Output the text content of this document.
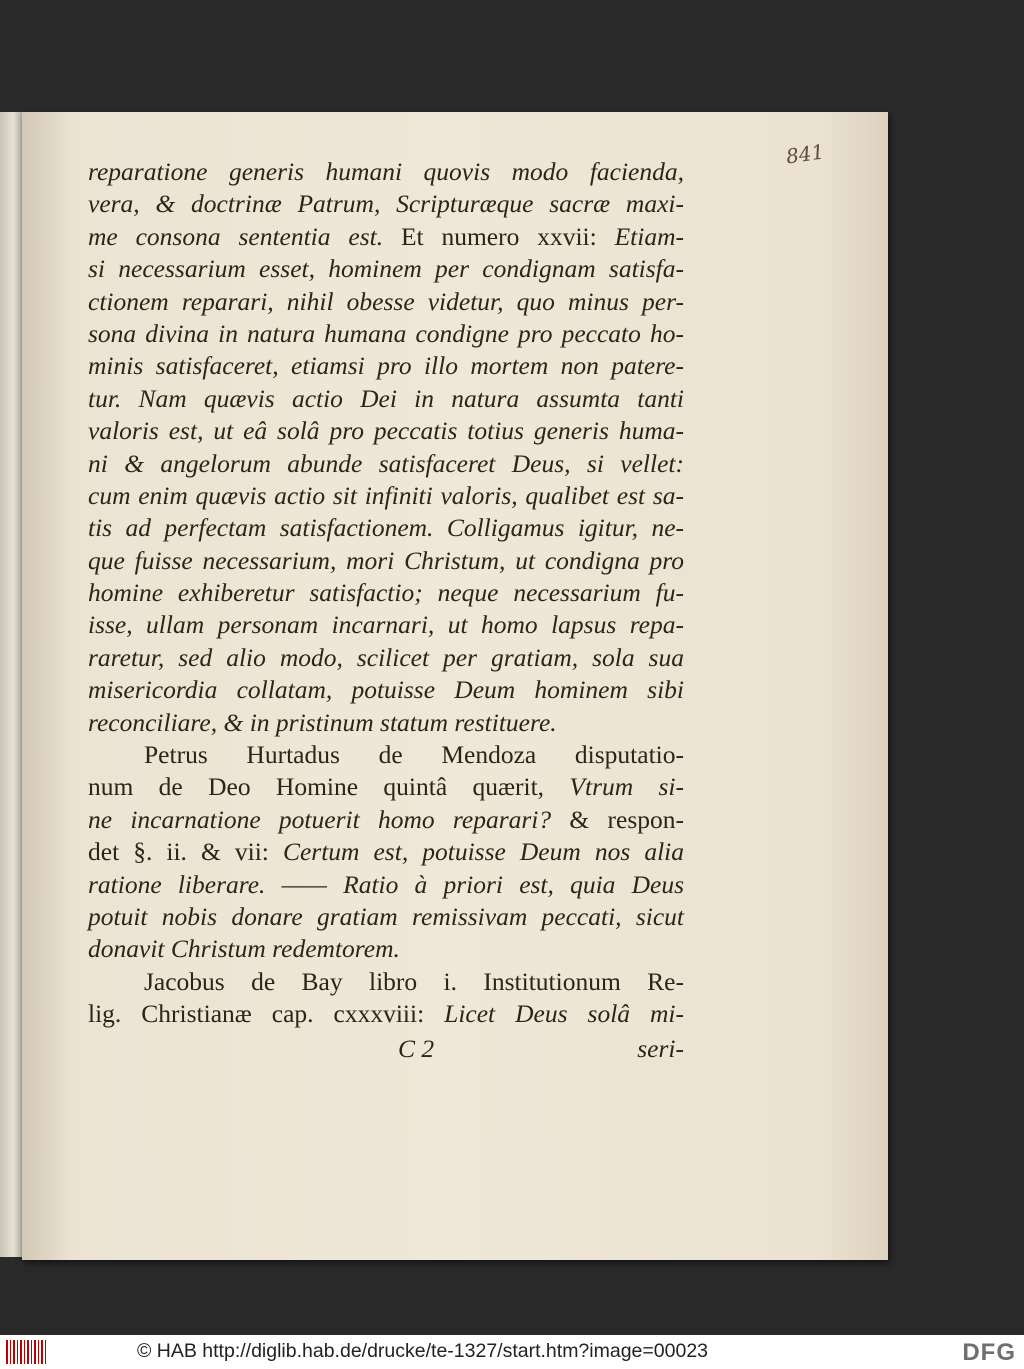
841
reparatione generis humani quovis modo facienda,
vera, & doctrinæ Patrum, Scripturæque sacræ maxi-
me consona sententia est. Et numero xxvii: Etiam-
si necessarium esset, hominem per condignam satisfa-
ctionem reparari, nihil obesse videtur, quo minus per-
sona divina in natura humana condigne pro peccato ho-
minis satisfaceret, etiamsi pro illo mortem non patere-
tur. Nam quævis actio Dei in natura assumta tanti
valoris est, ut eâ solâ pro peccatis totius generis huma-
ni & angelorum abunde satisfaceret Deus, si vellet:
cum enim quævis actio sit infiniti valoris, qualibet est sa-
tis ad perfectam satisfactionem. Colligamus igitur, ne-
que fuisse necessarium, mori Christum, ut condigna pro
homine exhiberetur satisfactio; neque necessarium fu-
isse, ullam personam incarnari, ut homo lapsus repa-
raretur, sed alio modo, scilicet per gratiam, sola sua
misericordia collatam, potuisse Deum hominem sibi
reconciliare, & in pristinum statum restituere.
Petrus Hurtadus de Mendoza disputatio-
num de Deo Homine quintâ quærit, Vtrum si-
ne incarnatione potuerit homo reparari? & respon-
det §. ii. & vii: Certum est, potuisse Deum nos alia
ratione liberare. —— Ratio à priori est, quia Deus
potuit nobis donare gratiam remissivam peccati, sicut
donavit Christum redemtorem.
Jacobus de Bay libro i. Institutionum Re-
lig. Christianæ cap. cxxxviii: Licet Deus solâ mi-
C 2	seri-
© HAB http://diglib.hab.de/drucke/te-1327/start.htm?image=00023	DFG
